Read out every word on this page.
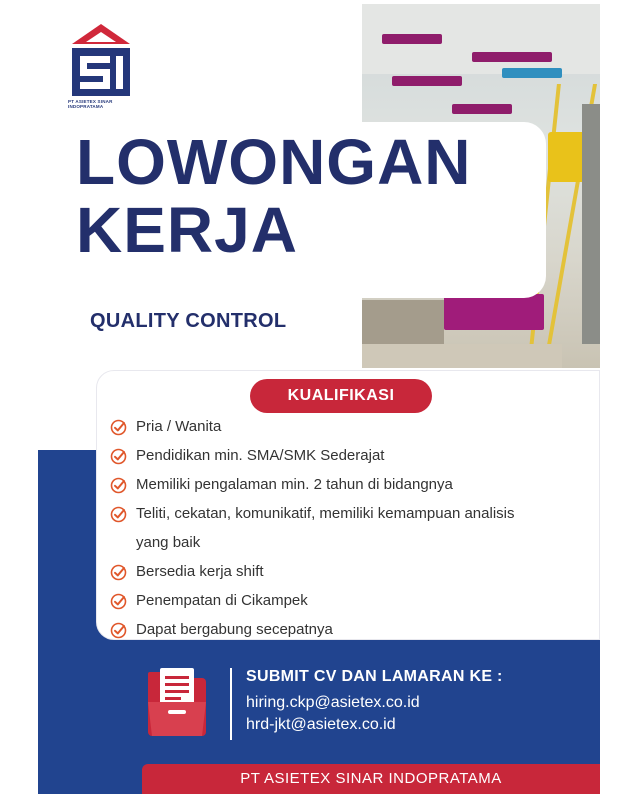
PT ASIETEX SINAR INDOPRATAMA
LOWONGAN
KERJA
QUALITY CONTROL
KUALIFIKASI
Pria / Wanita
Pendidikan min. SMA/SMK Sederajat
Memiliki pengalaman min. 2 tahun di bidangnya
Teliti, cekatan, komunikatif, memiliki kemampuan analisis
yang baik
Bersedia kerja shift
Penempatan di Cikampek
Dapat bergabung secepatnya
SUBMIT CV DAN LAMARAN KE :
hiring.ckp@asietex.co.id
hrd-jkt@asietex.co.id
PT ASIETEX SINAR INDOPRATAMA
